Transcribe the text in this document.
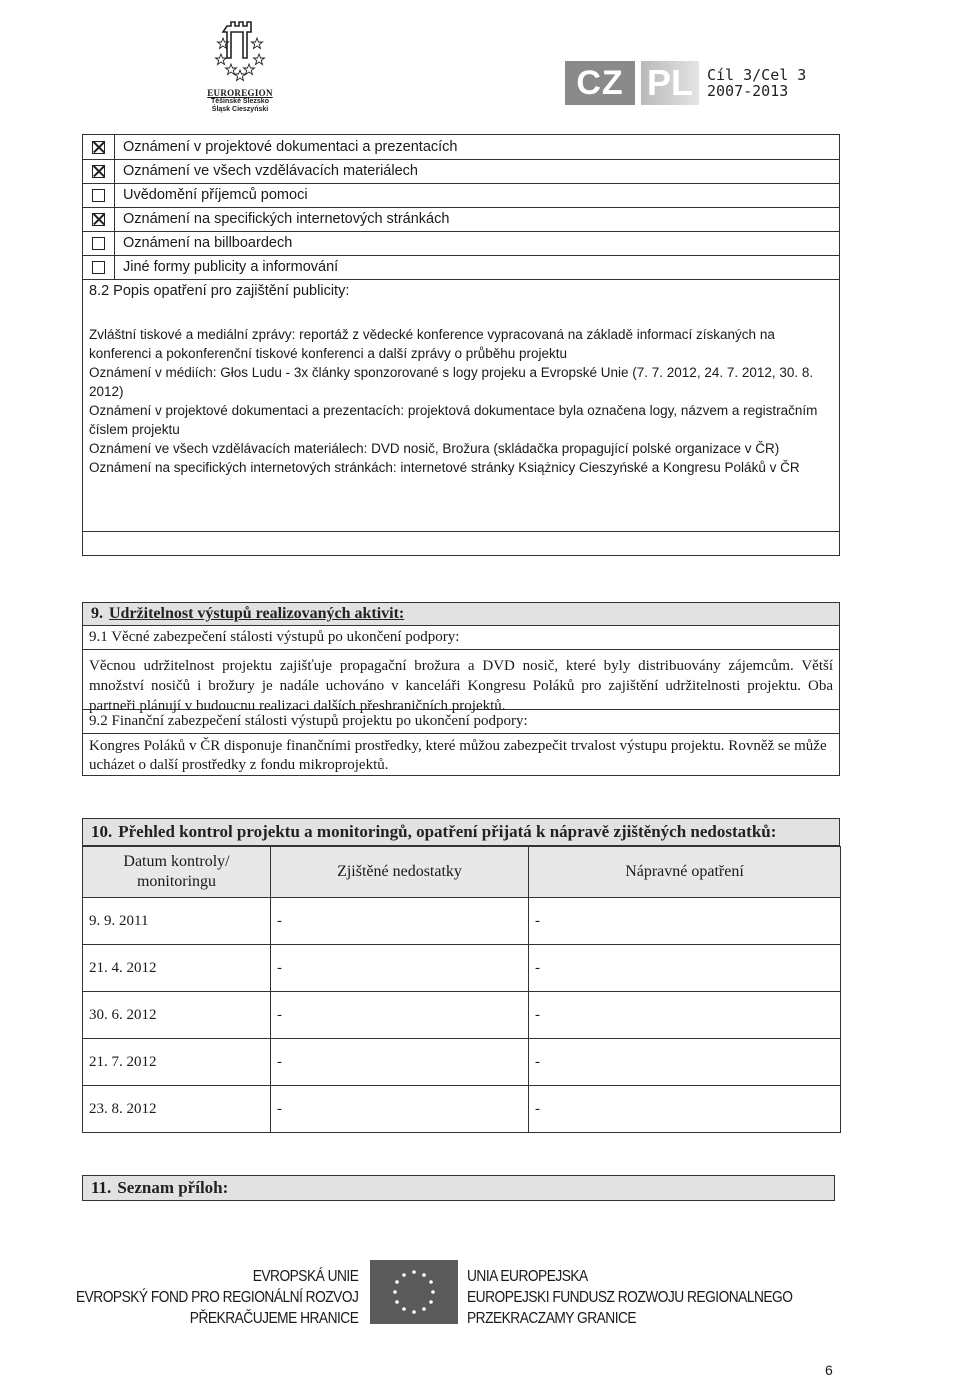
EUROREGION
Těšínské Slezsko
Śląsk Cieszyński
CZ PL Cíl 3/Cel 3
2007-2013
Oznámení v projektové dokumentaci a prezentacích
Oznámení ve všech vzdělávacích materiálech
Uvědomění příjemců pomoci
Oznámení na specifických internetových stránkách
Oznámení na billboardech
Jiné formy publicity a informování
8.2 Popis opatření pro zajištění publicity:

Zvláštní tiskové a mediální zprávy: reportáž z vědecké konference vypracovaná na základě informací získaných na konferenci a pokonferenční tiskové konferenci a další zprávy o průběhu projektu

Oznámení v médiích: Głos Ludu - 3x články sponzorované s logy projeku a Evropské Unie (7. 7. 2012, 24. 7. 2012, 30. 8. 2012)

Oznámení v projektové dokumentaci a prezentacích: projektová dokumentace byla označena logy, názvem a registračním číslem projektu

Oznámení ve všech vzdělávacích materiálech: DVD nosič, Brožura (skládačka propagující polské organizace v ČR)

Oznámení na specifických internetových stránkách: internetové stránky Książnicy Cieszyńské a Kongresu Poláků v ČR

9. Udržitelnost výstupů realizovaných aktivit:
9.1 Věcné zabezpečení stálosti výstupů po ukončení podpory:
Věcnou udržitelnost projektu zajišťuje propagační brožura a DVD nosič, které byly distribuovány zájemcům. Větší množství nosičů i brožury je nadále uchováno v kanceláři Kongresu Poláků pro zajištění udržitelnosti projektu. Oba partneři plánují v budoucnu realizaci dalších přeshraničních projektů.
9.2 Finanční zabezpečení stálosti výstupů projektu po ukončení podpory:
Kongres Poláků v ČR disponuje finančními prostředky, které můžou zabezpečit trvalost výstupu projektu. Rovněž se může ucházet o další prostředky z fondu mikroprojektů.
10. Přehled kontrol projektu a monitoringů, opatření přijatá k nápravě zjištěných nedostatků:
Datum kontroly/ monitoringu	Zjištěné nedostatky	Nápravné opatření
9. 9. 2011	-	-
21. 4. 2012	-	-
30. 6. 2012	-	-
21. 7. 2012	-	-
23. 8. 2012	-	-
11. Seznam příloh:
EVROPSKÁ UNIE
EVROPSKÝ FOND PRO REGIONÁLNÍ ROZVOJ
PŘEKRAČUJEME HRANICE
UNIA EUROPEJSKA
EUROPEJSKI FUNDUSZ ROZWOJU REGIONALNEGO
PRZEKRACZAMY GRANICE
6
